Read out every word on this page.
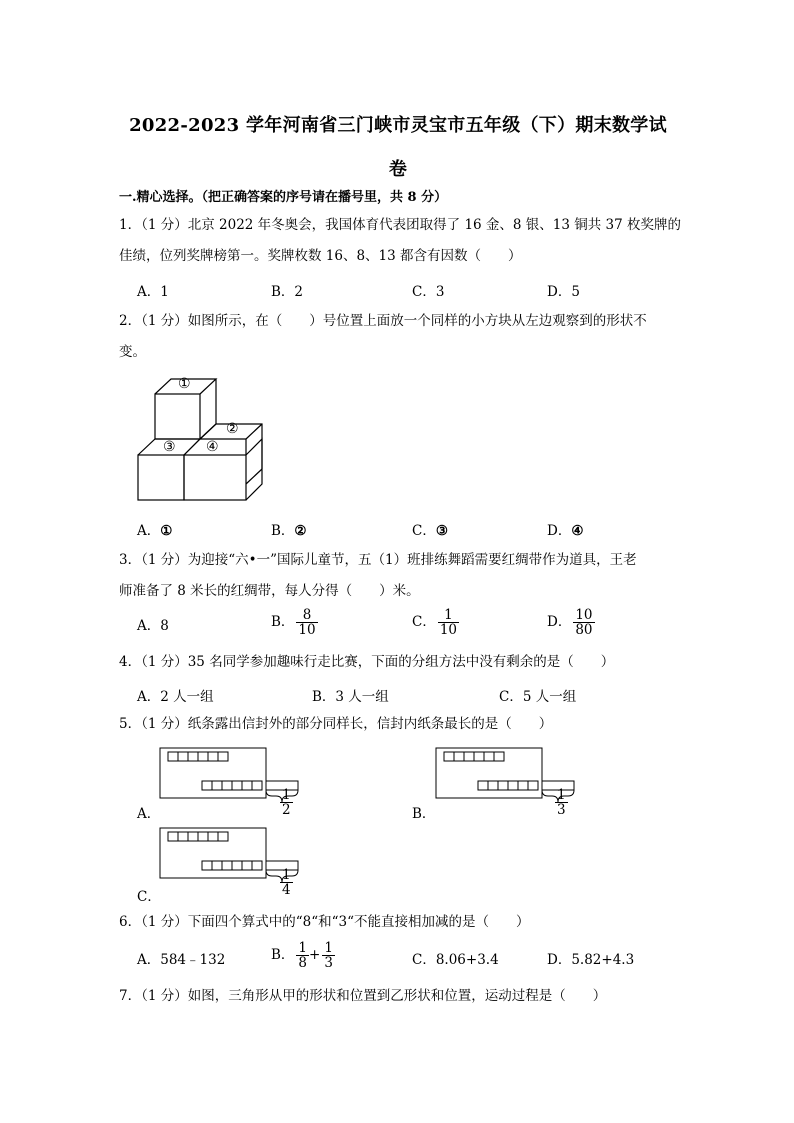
2022-2023 学年河南省三门峡市灵宝市五年级（下）期末数学试
卷
一.精心选择。（把正确答案的序号请在播号里，共 8 分）
1．（1 分）北京 2022 年冬奥会，我国体育代表团取得了 16 金、8 银、13 铜共 37 枚奖牌的
佳绩，位列奖牌榜第一。奖牌枚数 16、8、13 都含有因数（　　）
A．1	B．2	C．3	D．5
2．（1 分）如图所示，在（　　）号位置上面放一个同样的小方块从左边观察到的形状不
变。
①
②
③ ④
A．①	B．②	C．③	D．④
3．（1 分）为迎接“六•一”国际儿童节，五（1）班排练舞蹈需要红绸带作为道具，王老
师准备了 8 米长的红绸带，每人分得（　　）米。
A．8	B． $\frac{8}{10}$	C． $\frac{1}{10}$	D． $\frac{10}{80}$
4．（1 分）35 名同学参加趣味行走比赛，下面的分组方法中没有剩余的是（　　）
A．2 人一组	B．3 人一组	C．5 人一组
5．（1 分）纸条露出信封外的部分同样长，信封内纸条最长的是（　　）
A．	$\frac{1}{2}$	B．	$\frac{1}{3}$
C．	$\frac{1}{4}$
6．（1 分）下面四个算式中的“8“和“3“不能直接相加减的是（　　）
A．584﹣132	B． $\frac{1}{8} + \frac{1}{3}$	C．8.06+3.4	D．5.82+4.3
7．（1 分）如图，三角形从甲的形状和位置到乙形状和位置，运动过程是（　　）
